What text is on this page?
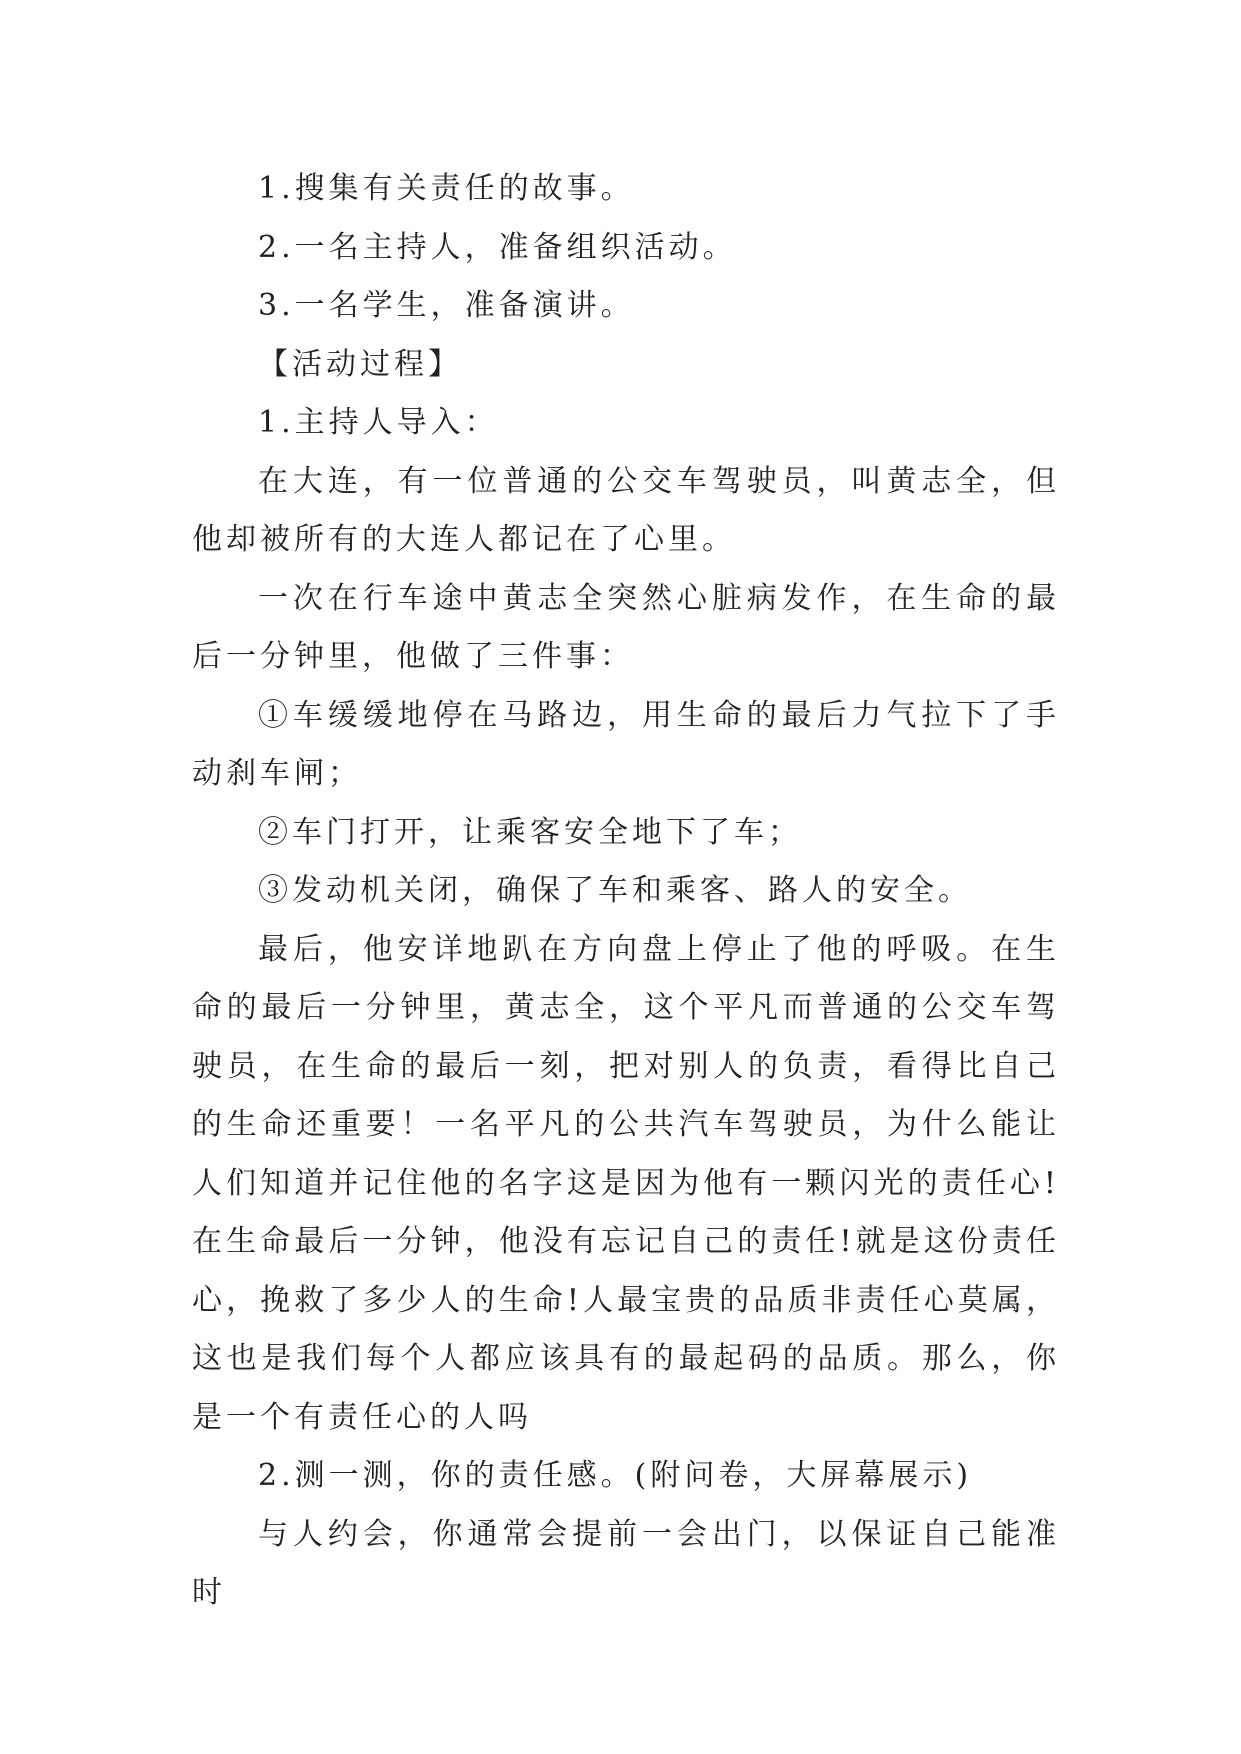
1.搜集有关责任的故事。

2.一名主持人，准备组织活动。

3.一名学生，准备演讲。

【活动过程】

1.主持人导入：

在大连，有一位普通的公交车驾驶员，叫黄志全，但他却被所有的大连人都记在了心里。

一次在行车途中黄志全突然心脏病发作，在生命的最后一分钟里，他做了三件事：

①车缓缓地停在马路边，用生命的最后力气拉下了手动刹车闸；

②车门打开，让乘客安全地下了车；

③发动机关闭，确保了车和乘客、路人的安全。

最后，他安详地趴在方向盘上停止了他的呼吸。在生命的最后一分钟里，黄志全，这个平凡而普通的公交车驾驶员，在生命的最后一刻，把对别人的负责，看得比自己的生命还重要！一名平凡的公共汽车驾驶员，为什么能让人们知道并记住他的名字这是因为他有一颗闪光的责任心!在生命最后一分钟，他没有忘记自己的责任!就是这份责任心，挽救了多少人的生命!人最宝贵的品质非责任心莫属，这也是我们每个人都应该具有的最起码的品质。那么，你是一个有责任心的人吗

2.测一测，你的责任感。(附问卷，大屏幕展示)

与人约会，你通常会提前一会出门，以保证自己能准时
